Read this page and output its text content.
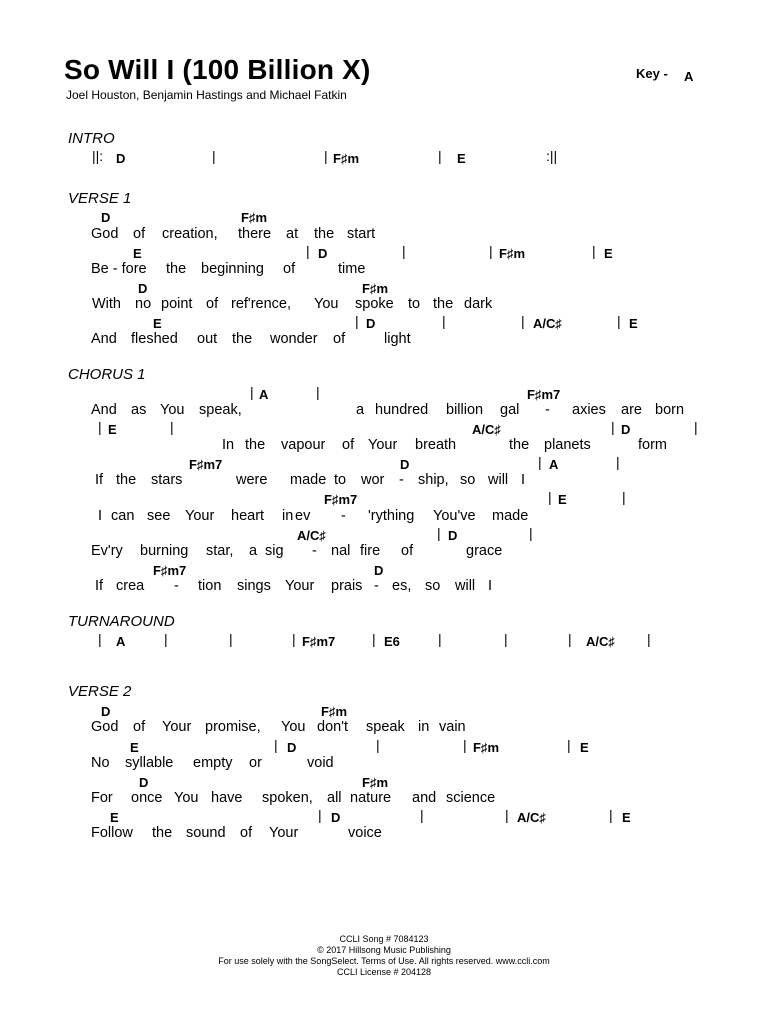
So Will I (100 Billion X)
Joel Houston, Benjamin Hastings and Michael Fatkin
Key - A
INTRO
||: D	|	| F♯m	| E	:||
VERSE 1
D	F♯m
God of creation, there at the start
E	| D	|	| F♯m	| E
Be - fore the beginning of	time
D	F♯m
With no point of ref'rence, You spoke to the dark
E	| D	|	| A/C♯	| E
And fleshed out the wonder of	light
CHORUS 1
| A	|	F♯m7
And as You speak,	a hundred billion gal - axies are born
| E	|	A/C♯	| D	|
In the vapour of Your breath	the planets	form
F♯m7	D	| A	|
If the stars	were made to wor - ship, so will I
F♯m7	| E	|
I can see Your heart in ev - 'rything You've made
A/C♯	| D	|
Ev'ry burning star, a sig - nal fire of	grace
F♯m7	D
If crea - tion sings Your prais - es, so will I
TURNAROUND
| A	|	|	| F♯m7	| E6	|	|	| A/C♯ |
VERSE 2
D	F♯m
God of Your promise, You don't speak in vain
E	| D	|	| F♯m	| E
No syllable empty or	void
D	F♯m
For once You have spoken, all nature and science
E	| D	|	| A/C♯	| E
Follow the sound of Your	voice
CCLI Song # 7084123
© 2017 Hillsong Music Publishing
For use solely with the SongSelect. Terms of Use. All rights reserved. www.ccli.com
CCLI License # 204128
